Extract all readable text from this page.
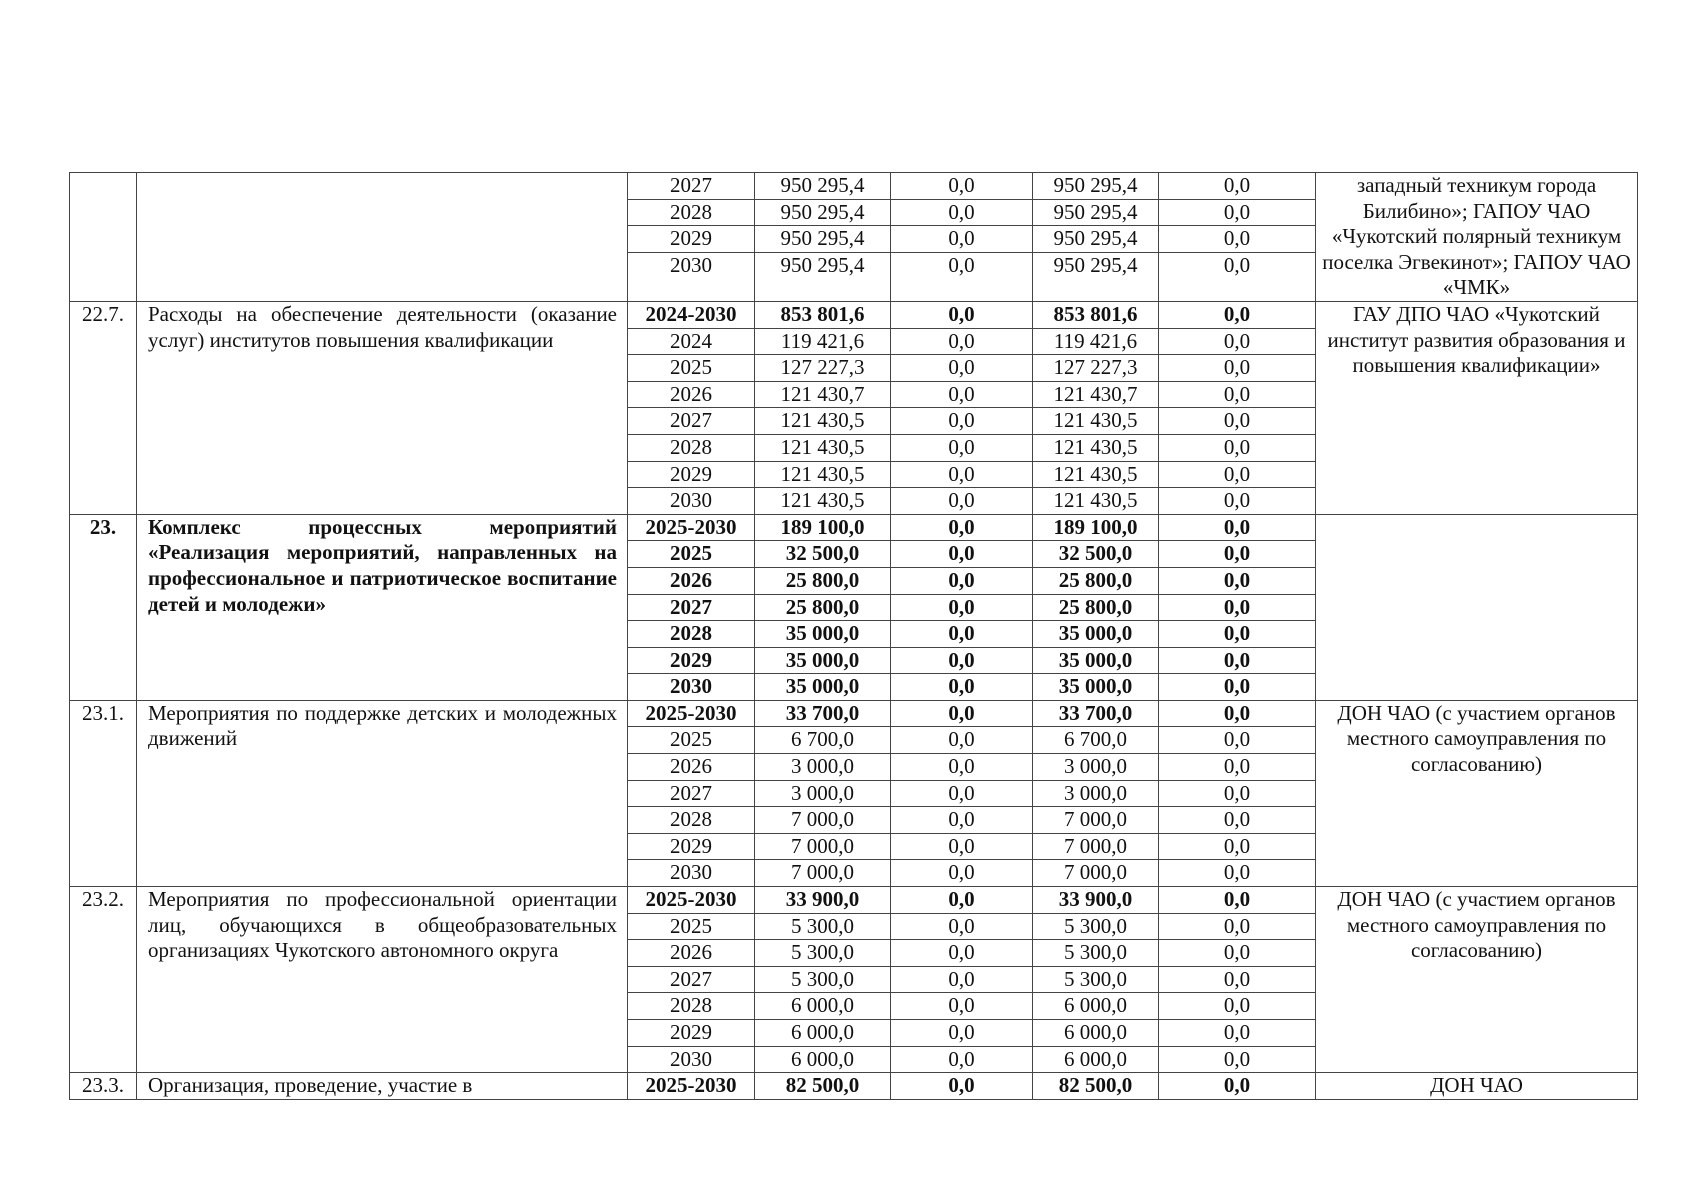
		2027	950 295,4	0,0	950 295,4	0,0	западный техникум города Билибино»; ГАПОУ ЧАО «Чукотский полярный техникум поселка Эгвекинот»; ГАПОУ ЧАО «ЧМК»
		2028	950 295,4	0,0	950 295,4	0,0	
		2029	950 295,4	0,0	950 295,4	0,0	
		2030	950 295,4	0,0	950 295,4	0,0	
22.7.	Расходы на обеспечение деятельности (оказание услуг) институтов повышения квалификации	2024-2030	853 801,6	0,0	853 801,6	0,0	ГАУ ДПО ЧАО «Чукотский институт развития образования и повышения квалификации»
		2024	119 421,6	0,0	119 421,6	0,0	
		2025	127 227,3	0,0	127 227,3	0,0	
		2026	121 430,7	0,0	121 430,7	0,0	
		2027	121 430,5	0,0	121 430,5	0,0	
		2028	121 430,5	0,0	121 430,5	0,0	
		2029	121 430,5	0,0	121 430,5	0,0	
		2030	121 430,5	0,0	121 430,5	0,0	
23.	Комплекс процессных мероприятий «Реализация мероприятий, направленных на профессиональное и патриотическое воспитание детей и молодежи»	2025-2030	189 100,0	0,0	189 100,0	0,0	
		2025	32 500,0	0,0	32 500,0	0,0	
		2026	25 800,0	0,0	25 800,0	0,0	
		2027	25 800,0	0,0	25 800,0	0,0	
		2028	35 000,0	0,0	35 000,0	0,0	
		2029	35 000,0	0,0	35 000,0	0,0	
		2030	35 000,0	0,0	35 000,0	0,0	
23.1.	Мероприятия по поддержке детских и молодежных движений	2025-2030	33 700,0	0,0	33 700,0	0,0	ДОН ЧАО (с участием органов местного самоуправления по согласованию)
		2025	6 700,0	0,0	6 700,0	0,0	
		2026	3 000,0	0,0	3 000,0	0,0	
		2027	3 000,0	0,0	3 000,0	0,0	
		2028	7 000,0	0,0	7 000,0	0,0	
		2029	7 000,0	0,0	7 000,0	0,0	
		2030	7 000,0	0,0	7 000,0	0,0	
23.2.	Мероприятия по профессиональной ориентации лиц, обучающихся в общеобразовательных организациях Чукотского автономного округа	2025-2030	33 900,0	0,0	33 900,0	0,0	ДОН ЧАО (с участием органов местного самоуправления по согласованию)
		2025	5 300,0	0,0	5 300,0	0,0	
		2026	5 300,0	0,0	5 300,0	0,0	
		2027	5 300,0	0,0	5 300,0	0,0	
		2028	6 000,0	0,0	6 000,0	0,0	
		2029	6 000,0	0,0	6 000,0	0,0	
		2030	6 000,0	0,0	6 000,0	0,0	
23.3.	Организация, проведение, участие в	2025-2030	82 500,0	0,0	82 500,0	0,0	ДОН ЧАО
